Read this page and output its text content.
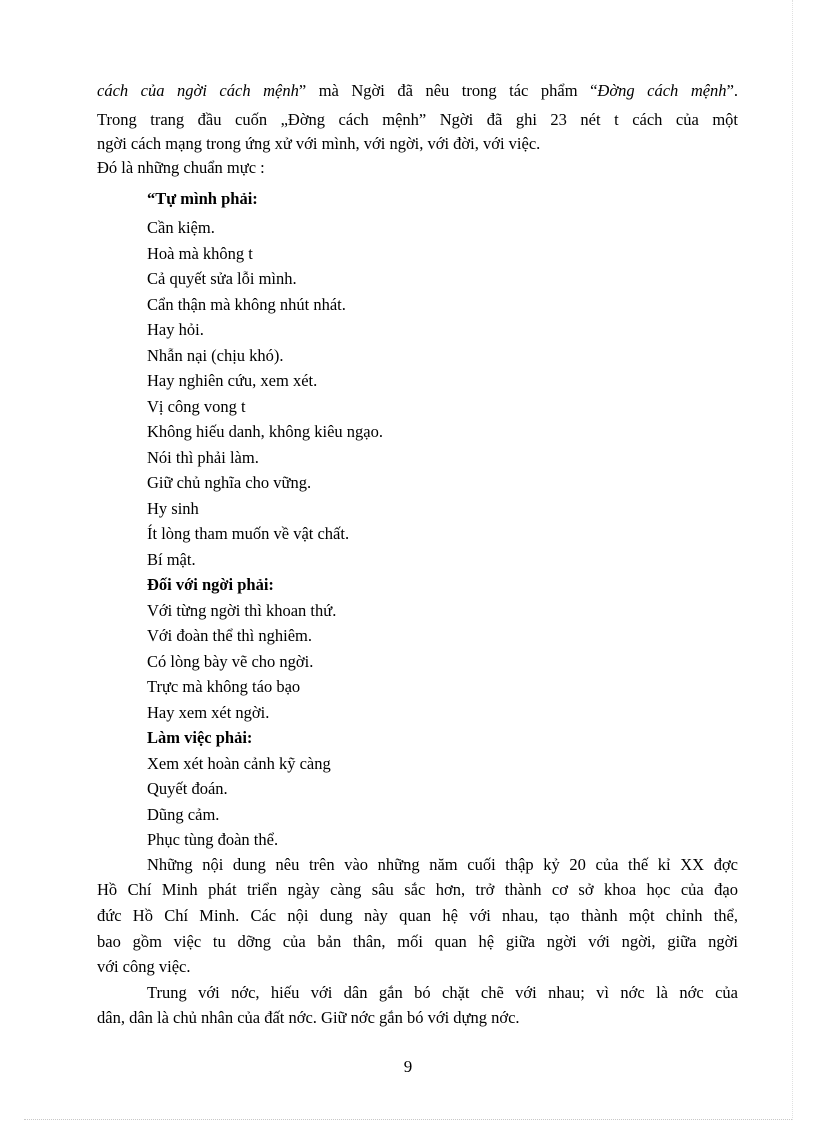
cách của ngời cách mệnh” mà Ngời đã nêu trong tác phẩm “Đờng cách mệnh”.
Trong trang đầu cuốn „Đờng cách mệnh” Ngời đã ghi 23 nét t cách của một
ngời cách mạng trong ứng xử với mình, với ngời, với đời, với việc.
Đó là những chuẩn mực :
“Tự mình phải:
Cần kiệm.
Hoà mà không t
Cả quyết sửa lỗi mình.
Cẩn thận mà không nhút nhát.
Hay hỏi.
Nhẫn nại (chịu khó).
Hay nghiên cứu, xem xét.
Vị công vong t
Không hiếu danh, không kiêu ngạo.
Nói thì phải làm.
Giữ chủ nghĩa cho vững.
Hy sinh
Ít lòng tham muốn về vật chất.
Bí mật.
Đối với ngời phải:
Với từng ngời thì khoan thứ.
Với đoàn thể thì nghiêm.
Có lòng bày vẽ cho ngời.
Trực mà không táo bạo
Hay xem xét ngời.
Làm việc phải:
Xem xét hoàn cảnh kỹ càng
Quyết đoán.
Dũng cảm.
Phục tùng đoàn thể.
Những nội dung nêu trên vào những năm cuối thập kỷ 20 của thế kỉ XX đợc
Hồ Chí Minh phát triển ngày càng sâu sắc hơn, trở thành cơ sở khoa học của đạo
đức Hồ Chí Minh. Các nội dung này quan hệ với nhau, tạo thành một chỉnh thể,
bao gồm việc tu dỡng của bản thân, mối quan hệ giữa ngời với ngời, giữa ngời
với công việc.
Trung với nớc, hiếu với dân gắn bó chặt chẽ với nhau; vì nớc là nớc của
dân, dân là chủ nhân của đất nớc. Giữ nớc gắn bó với dựng nớc.
9
